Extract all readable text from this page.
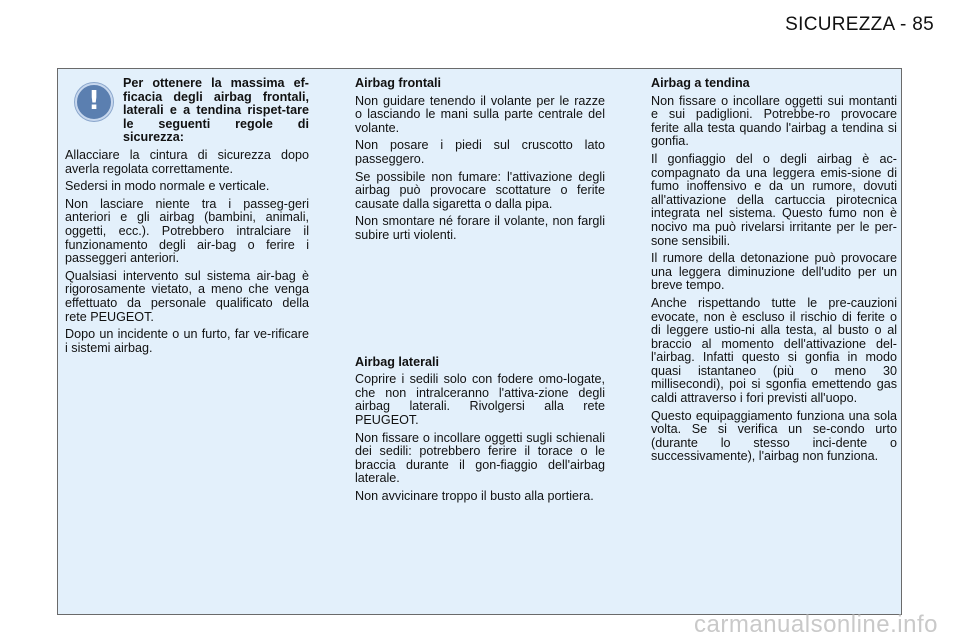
SICUREZZA - 85
!
Per ottenere la massima ef-ficacia degli airbag frontali, laterali e a tendina rispet-tare le seguenti regole di sicurezza:

Allacciare la cintura di sicurezza dopo averla regolata correttamente.

Sedersi in modo normale e verticale.

Non lasciare niente tra i passeg-geri anteriori e gli airbag (bambini, animali, oggetti, ecc.). Potrebbero intralciare il funzionamento degli air-bag o ferire i passeggeri anteriori.

Qualsiasi intervento sul sistema air-bag è rigorosamente vietato, a meno che venga effettuato da personale qualificato della rete PEUGEOT.

Dopo un incidente o un furto, far ve-rificare i sistemi airbag.

Airbag frontali

Non guidare tenendo il volante per le razze o lasciando le mani sulla parte centrale del volante.

Non posare i piedi sul cruscotto lato passeggero.

Se possibile non fumare: l'attivazione degli airbag può provocare scottature o ferite causate dalla sigaretta o dalla pipa.

Non smontare né forare il volante, non fargli subire urti violenti.

Airbag laterali

Coprire i sedili solo con fodere omo-logate, che non intralceranno l'attiva-zione degli airbag laterali. Rivolgersi alla rete PEUGEOT.

Non fissare o incollare oggetti sugli schienali dei sedili: potrebbero ferire il torace o le braccia durante il gon-fiaggio dell'airbag laterale.

Non avvicinare troppo il busto alla portiera.

Airbag a tendina

Non fissare o incollare oggetti sui montanti e sui padiglioni. Potrebbe-ro provocare ferite alla testa quando l'airbag a tendina si gonfia.

Il gonfiaggio del o degli airbag è ac-compagnato da una leggera emis-sione di fumo inoffensivo e da un rumore, dovuti all'attivazione della cartuccia pirotecnica integrata nel sistema. Questo fumo non è nocivo ma può rivelarsi irritante per le per-sone sensibili.

Il rumore della detonazione può provocare una leggera diminuzione dell'udito per un breve tempo.

Anche rispettando tutte le pre-cauzioni evocate, non è escluso il rischio di ferite o di leggere ustio-ni alla testa, al busto o al braccio al momento dell'attivazione del-l'airbag. Infatti questo si gonfia in modo quasi istantaneo (più o meno 30 millisecondi), poi si sgonfia emettendo gas caldi attraverso i fori previsti all'uopo.

Questo equipaggiamento funziona una sola volta. Se si verifica un se-condo urto (durante lo stesso inci-dente o successivamente), l'airbag non funziona.

carmanualsonline.info
